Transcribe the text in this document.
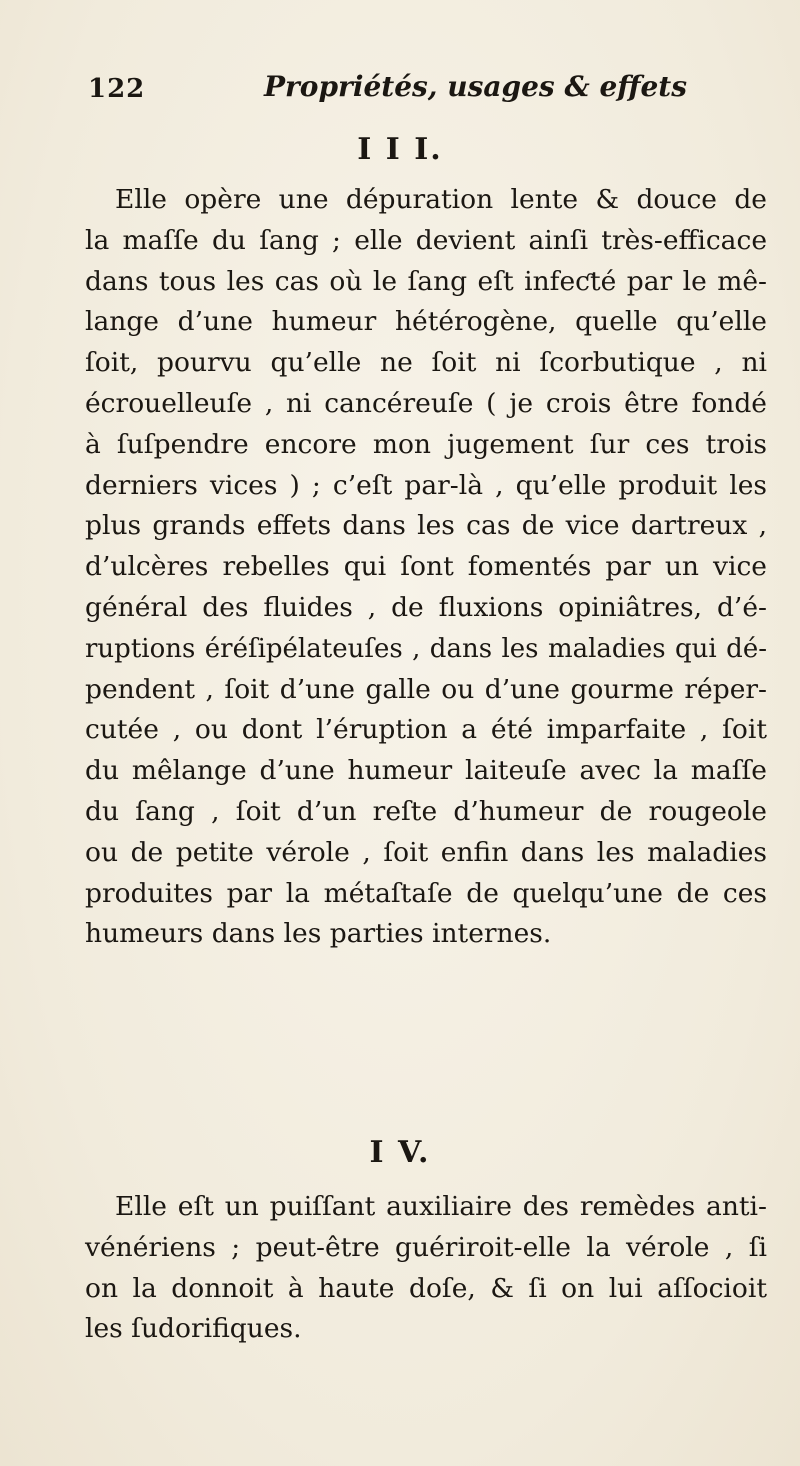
122	Propriétés, usages & effets
I I I.
Elle opère une dépuration lente & douce de
la maſſe du ſang ; elle devient ainſi très-efficace
dans tous les cas où le ſang eſt infeƈté par le mê-
lange d’une humeur hétérogène, quelle qu’elle
ſoit, pourvu qu’elle ne ſoit ni ſcorbutique , ni
écrouelleuſe , ni cancéreuſe ( je crois être fondé
à ſuſpendre encore mon jugement ſur ces trois
derniers vices ) ; c’eſt par-là , qu’elle produit les
plus grands effets dans les cas de vice dartreux ,
d’ulcères rebelles qui ſont fomentés par un vice
général des fluides , de fluxions opiniâtres, d’é-
ruptions éréſipélateuſes , dans les maladies qui dé-
pendent , ſoit d’une galle ou d’une gourme réper-
cutée , ou dont l’éruption a été imparfaite , ſoit
du mêlange d’une humeur laiteuſe avec la maſſe
du ſang , ſoit d’un reſte d’humeur de rougeole
ou de petite vérole , ſoit enfin dans les maladies
produites par la métaſtaſe de quelqu’une de ces
humeurs dans les parties internes.
I V.
Elle eſt un puiſſant auxiliaire des remèdes anti-
vénériens ; peut-être guériroit-elle la vérole , ſi
on la donnoit à haute doſe, & ſi on lui aſſocioit
les ſudorifiques.
